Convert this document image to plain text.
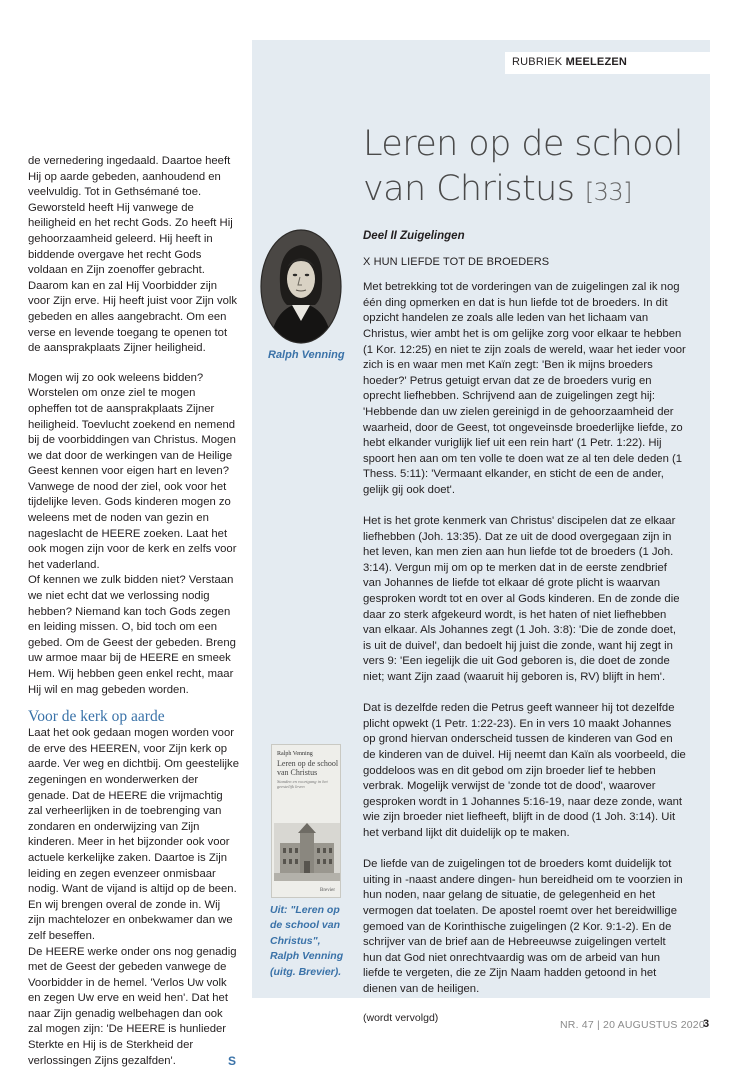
RUBRIEK MEELEZEN
Leren op de school
van Christus [33]

de vernedering ingedaald. Daartoe heeft Hij op aarde gebeden, aanhoudend en veelvuldig. Tot in Gethsémané toe. Geworsteld heeft Hij vanwege de heiligheid en het recht Gods. Zo heeft Hij gehoorzaamheid geleerd. Hij heeft in biddende overgave het recht Gods voldaan en Zijn zoenoffer gebracht. Daarom kan en zal Hij Voorbidder zijn voor Zijn erve. Hij heeft juist voor Zijn volk gebeden en alles aangebracht. Om een verse en levende toegang te openen tot de aansprakplaats Zijner heiligheid.

Mogen wij zo ook weleens bidden? Worstelen om onze ziel te mogen opheffen tot de aansprakplaats Zijner heiligheid. Toevlucht zoekend en nemend bij de voorbiddingen van Christus. Mogen we dat door de werkingen van de Heilige Geest kennen voor eigen hart en leven? Vanwege de nood der ziel, ook voor het tijdelijke leven. Gods kinderen mogen zo weleens met de noden van gezin en nageslacht de HEERE zoeken. Laat het ook mogen zijn voor de kerk en zelfs voor het vaderland.

Of kennen we zulk bidden niet? Verstaan we niet echt dat we verlossing nodig hebben? Niemand kan toch Gods zegen en leiding missen. O, bid toch om een gebed. Om de Geest der gebeden. Breng uw armoe maar bij de HEERE en smeek Hem. Wij hebben geen enkel recht, maar Hij wil en mag gebeden worden.

Voor de kerk op aarde

Laat het ook gedaan mogen worden voor de erve des HEEREN, voor Zijn kerk op aarde. Ver weg en dichtbij. Om geestelijke zegeningen en wonderwerken der genade. Dat de HEERE die vrijmachtig zal verheerlijken in de toebrenging van zondaren en onderwijzing van Zijn kinderen. Meer in het bijzonder ook voor actuele kerkelijke zaken. Daartoe is Zijn leiding en zegen evenzeer onmisbaar nodig. Want de vijand is altijd op de been. En wij brengen overal de zonde in. Wij zijn machtelozer en onbekwamer dan we zelf beseffen.

De HEERE werke onder ons nog genadig met de Geest der gebeden vanwege de Voorbidder in de hemel. 'Verlos Uw volk en zegen Uw erve en weid hen'. Dat het naar Zijn genadig welbehagen dan ook zal mogen zijn: 'De HEERE is hunlieder Sterkte en Hij is de Sterkheid der verlossingen Zijns gezalfden'.	S

Ralph Venning
Ralph Venning
Leren op de school van Christus
Standen en voortgang in het geestelijk leven
Brevier
Uit: "Leren op de school van Christus", Ralph Venning (uitg. Brevier).
Deel II Zuigelingen
X HUN LIEFDE TOT DE BROEDERS

Met betrekking tot de vorderingen van de zuigelingen zal ik nog één ding opmerken en dat is hun liefde tot de broeders. In dit opzicht handelen ze zoals alle leden van het lichaam van Christus, wier ambt het is om gelijke zorg voor elkaar te hebben (1 Kor. 12:25) en niet te zijn zoals de wereld, waar het ieder voor zich is en waar men met Kaïn zegt: 'Ben ik mijns broeders hoeder?' Petrus getuigt ervan dat ze de broeders vurig en oprecht liefhebben. Schrijvend aan de zuigelingen zegt hij: 'Hebbende dan uw zielen gereinigd in de gehoorzaamheid der waarheid, door de Geest, tot ongeveinsde broederlijke liefde, zo hebt elkander vuriglijk lief uit een rein hart' (1 Petr. 1:22). Hij spoort hen aan om ten volle te doen wat ze al ten dele deden (1 Thess. 5:11): 'Vermaant elkander, en sticht de een de ander, gelijk gij ook doet'.

Het is het grote kenmerk van Christus' discipelen dat ze elkaar liefhebben (Joh. 13:35). Dat ze uit de dood overgegaan zijn in het leven, kan men zien aan hun liefde tot de broeders (1 Joh. 3:14). Vergun mij om op te merken dat in de eerste zendbrief van Johannes de liefde tot elkaar dé grote plicht is waarvan gesproken wordt tot en over al Gods kinderen. En de zonde die daar zo sterk afgekeurd wordt, is het haten of niet liefhebben van elkaar. Als Johannes zegt (1 Joh. 3:8): 'Die de zonde doet, is uit de duivel', dan bedoelt hij juist die zonde, want hij zegt in vers 9: 'Een iegelijk die uit God geboren is, die doet de zonde niet; want Zijn zaad (waaruit hij geboren is, RV) blijft in hem'.

Dat is dezelfde reden die Petrus geeft wanneer hij tot dezelfde plicht opwekt (1 Petr. 1:22-23). En in vers 10 maakt Johannes op grond hiervan onderscheid tussen de kinderen van God en de kinderen van de duivel. Hij neemt dan Kaïn als voorbeeld, die goddeloos was en dit gebod om zijn broeder lief te hebben verbrak. Mogelijk verwijst de 'zonde tot de dood', waarover gesproken wordt in 1 Johannes 5:16-19, naar deze zonde, want wie zijn broeder niet liefheeft, blijft in de dood (1 Joh. 3:14). Uit het verband lijkt dit duidelijk op te maken.

De liefde van de zuigelingen tot de broeders komt duidelijk tot uiting in -naast andere dingen- hun bereidheid om te voorzien in hun noden, naar gelang de situatie, de gelegenheid en het vermogen dat toelaten. De apostel roemt over het bereidwillige gemoed van de Korinthische zuigelingen (2 Kor. 9:1-2). En de schrijver van de brief aan de Hebreeuwse zuigelingen vertelt hun dat God niet onrechtvaardig was om de arbeid van hun liefde te vergeten, die ze Zijn Naam hadden getoond in het dienen van de heiligen.

(wordt vervolgd)
NR. 47 | 20 AUGUSTUS 2020
3
